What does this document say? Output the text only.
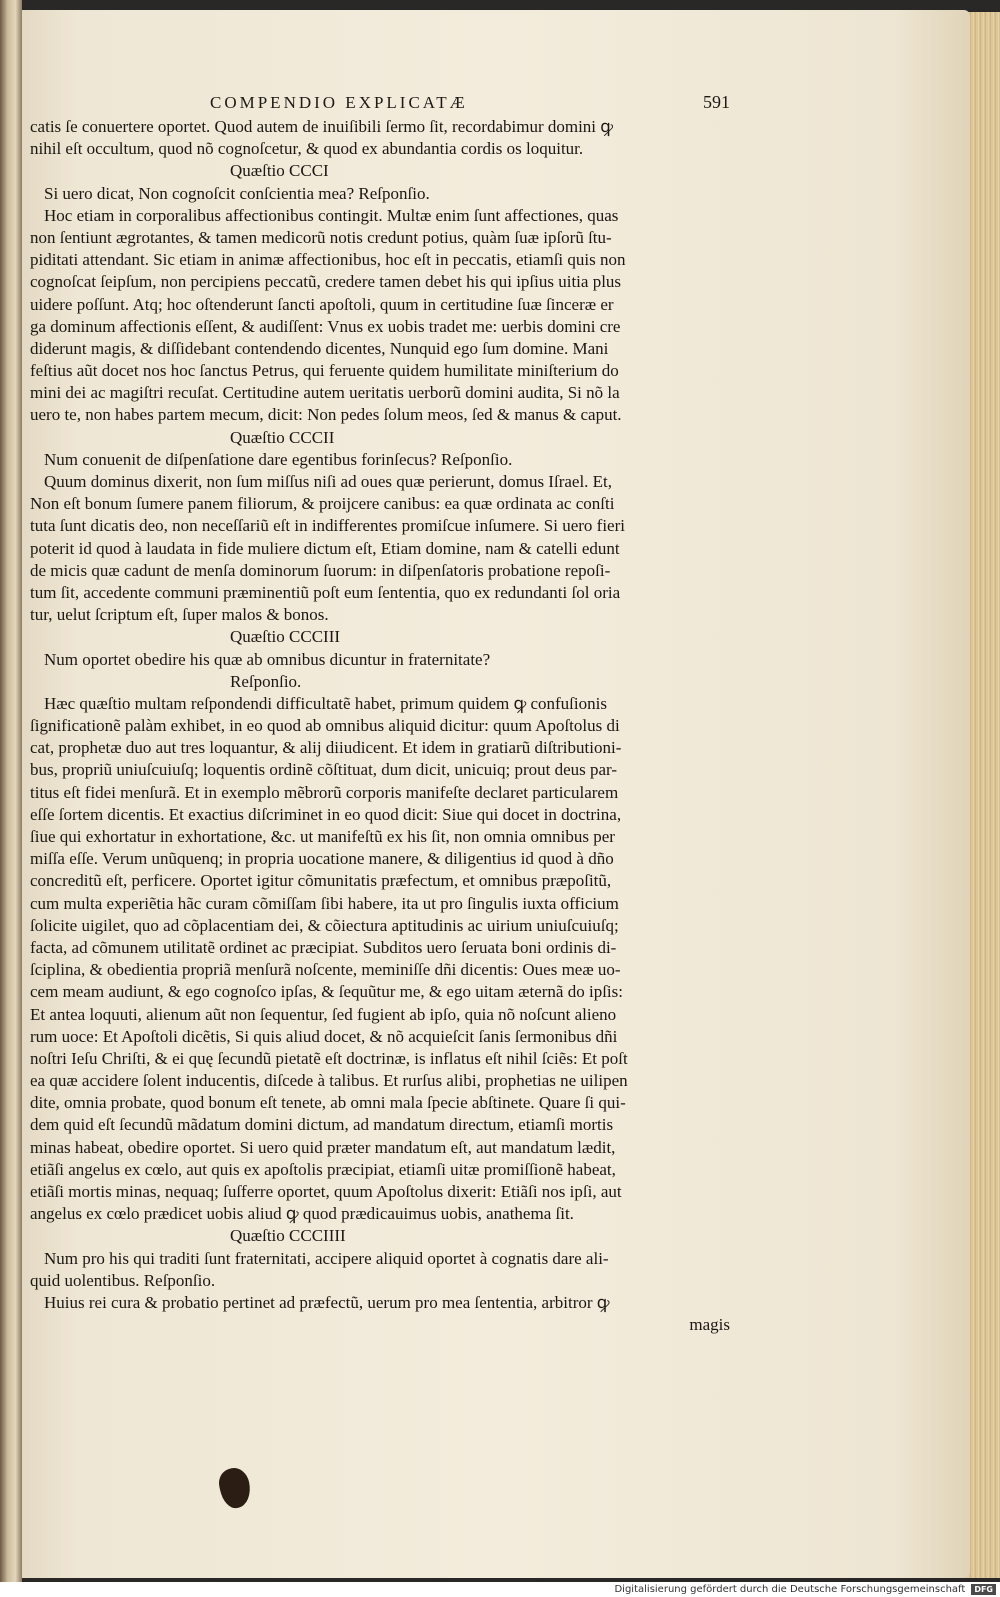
COMPENDIO EXPLICATÆ	591
catis ſe conuertere oportet. Quod autem de inuiſibili ſermo ſit, recordabimur domini ꝙ
nihil eſt occultum, quod nõ cognoſcetur, & quod ex abundantia cordis os loquitur.
Quæſtio CCCI
Si uero dicat, Non cognoſcit conſcientia mea? Reſponſio.
Hoc etiam in corporalibus affectionibus contingit. Multæ enim ſunt affectiones, quas
non ſentiunt ægrotantes, & tamen medicorũ notis credunt potius, quàm ſuæ ipſorũ ſtu-
piditati attendant. Sic etiam in animæ affectionibus, hoc eſt in peccatis, etiamſi quis non
cognoſcat ſeipſum, non percipiens peccatũ, credere tamen debet his qui ipſius uitia plus
uidere poſſunt. Atq; hoc oſtenderunt ſancti apoſtoli, quum in certitudine ſuæ ſinceræ er
ga dominum affectionis eſſent, & audiſſent: Vnus ex uobis tradet me: uerbis domini cre
diderunt magis, & diſſidebant contendendo dicentes, Nunquid ego ſum domine. Mani
feſtius aũt docet nos hoc ſanctus Petrus, qui feruente quidem humilitate miniſterium do
mini dei ac magiſtri recuſat. Certitudine autem ueritatis uerborũ domini audita, Si nõ la
uero te, non habes partem mecum, dicit: Non pedes ſolum meos, ſed & manus & caput.
Quæſtio CCCII
Num conuenit de diſpenſatione dare egentibus forinſecus? Reſponſio.
Quum dominus dixerit, non ſum miſſus niſi ad oues quæ perierunt, domus Iſrael. Et,
Non eſt bonum ſumere panem filiorum, & proijcere canibus: ea quæ ordinata ac conſti
tuta ſunt dicatis deo, non neceſſariũ eſt in indifferentes promiſcue inſumere. Si uero fieri
poterit id quod à laudata in fide muliere dictum eſt, Etiam domine, nam & catelli edunt
de micis quæ cadunt de menſa dominorum ſuorum: in diſpenſatoris probatione repoſi-
tum ſit, accedente communi præminentiũ poſt eum ſententia, quo ex redundanti ſol oria
tur, uelut ſcriptum eſt, ſuper malos & bonos.
Quæſtio CCCIII
Num oportet obedire his quæ ab omnibus dicuntur in fraternitate?
Reſponſio.
Hæc quæſtio multam reſpondendi difficultatẽ habet, primum quidem ꝙ confuſionis
ſignificationẽ palàm exhibet, in eo quod ab omnibus aliquid dicitur: quum Apoſtolus di
cat, prophetæ duo aut tres loquantur, & alij diiudicent. Et idem in gratiarũ diſtributioni-
bus, propriũ uniuſcuiuſq; loquentis ordinẽ cõſtituat, dum dicit, unicuiq; prout deus par-
titus eſt fidei menſurã. Et in exemplo mẽbrorũ corporis manifeſte declaret particularem
eſſe ſortem dicentis. Et exactius diſcriminet in eo quod dicit: Siue qui docet in doctrina,
ſiue qui exhortatur in exhortatione, &c. ut manifeſtũ ex his ſit, non omnia omnibus per
miſſa eſſe. Verum unũquenq; in propria uocatione manere, & diligentius id quod à dño
concreditũ eſt, perficere. Oportet igitur cõmunitatis præfectum, et omnibus præpoſitũ,
cum multa experiẽtia hãc curam cõmiſſam ſibi habere, ita ut pro ſingulis iuxta officium
ſolicite uigilet, quo ad cõplacentiam dei, & cõiectura aptitudinis ac uirium uniuſcuiuſq;
facta, ad cõmunem utilitatẽ ordinet ac præcipiat. Subditos uero ſeruata boni ordinis di-
ſciplina, & obedientia propriã menſurã noſcente, meminiſſe dñi dicentis: Oues meæ uo-
cem meam audiunt, & ego cognoſco ipſas, & ſequũtur me, & ego uitam æternã do ipſis:
Et antea loquuti, alienum aũt non ſequentur, ſed fugient ab ipſo, quia nõ noſcunt alieno
rum uoce: Et Apoſtoli dicẽtis, Si quis aliud docet, & nõ acquieſcit ſanis ſermonibus dñi
noſtri Ieſu Chriſti, & ei quę ſecundũ pietatẽ eſt doctrinæ, is inflatus eſt nihil ſciẽs: Et poſt
ea quæ accidere ſolent inducentis, diſcede à talibus. Et rurſus alibi, prophetias ne uilipen
dite, omnia probate, quod bonum eſt tenete, ab omni mala ſpecie abſtinete. Quare ſi qui-
dem quid eſt ſecundũ mãdatum domini dictum, ad mandatum directum, etiamſi mortis
minas habeat, obedire oportet. Si uero quid præter mandatum eſt, aut mandatum lædit,
etiãſi angelus ex cœlo, aut quis ex apoſtolis præcipiat, etiamſi uitæ promiſſionẽ habeat,
etiãſi mortis minas, nequaq; ſuſferre oportet, quum Apoſtolus dixerit: Etiãſi nos ipſi, aut
angelus ex cœlo prædicet uobis aliud ꝙ quod prædicauimus uobis, anathema ſit.
Quæſtio CCCIIII
Num pro his qui traditi ſunt fraternitati, accipere aliquid oportet à cognatis dare ali-
quid uolentibus. Reſponſio.
Huius rei cura & probatio pertinet ad præfectũ, uerum pro mea ſententia, arbitror ꝙ
magis
Digitalisierung gefördert durch die Deutsche Forschungsgemeinschaft	DFG
